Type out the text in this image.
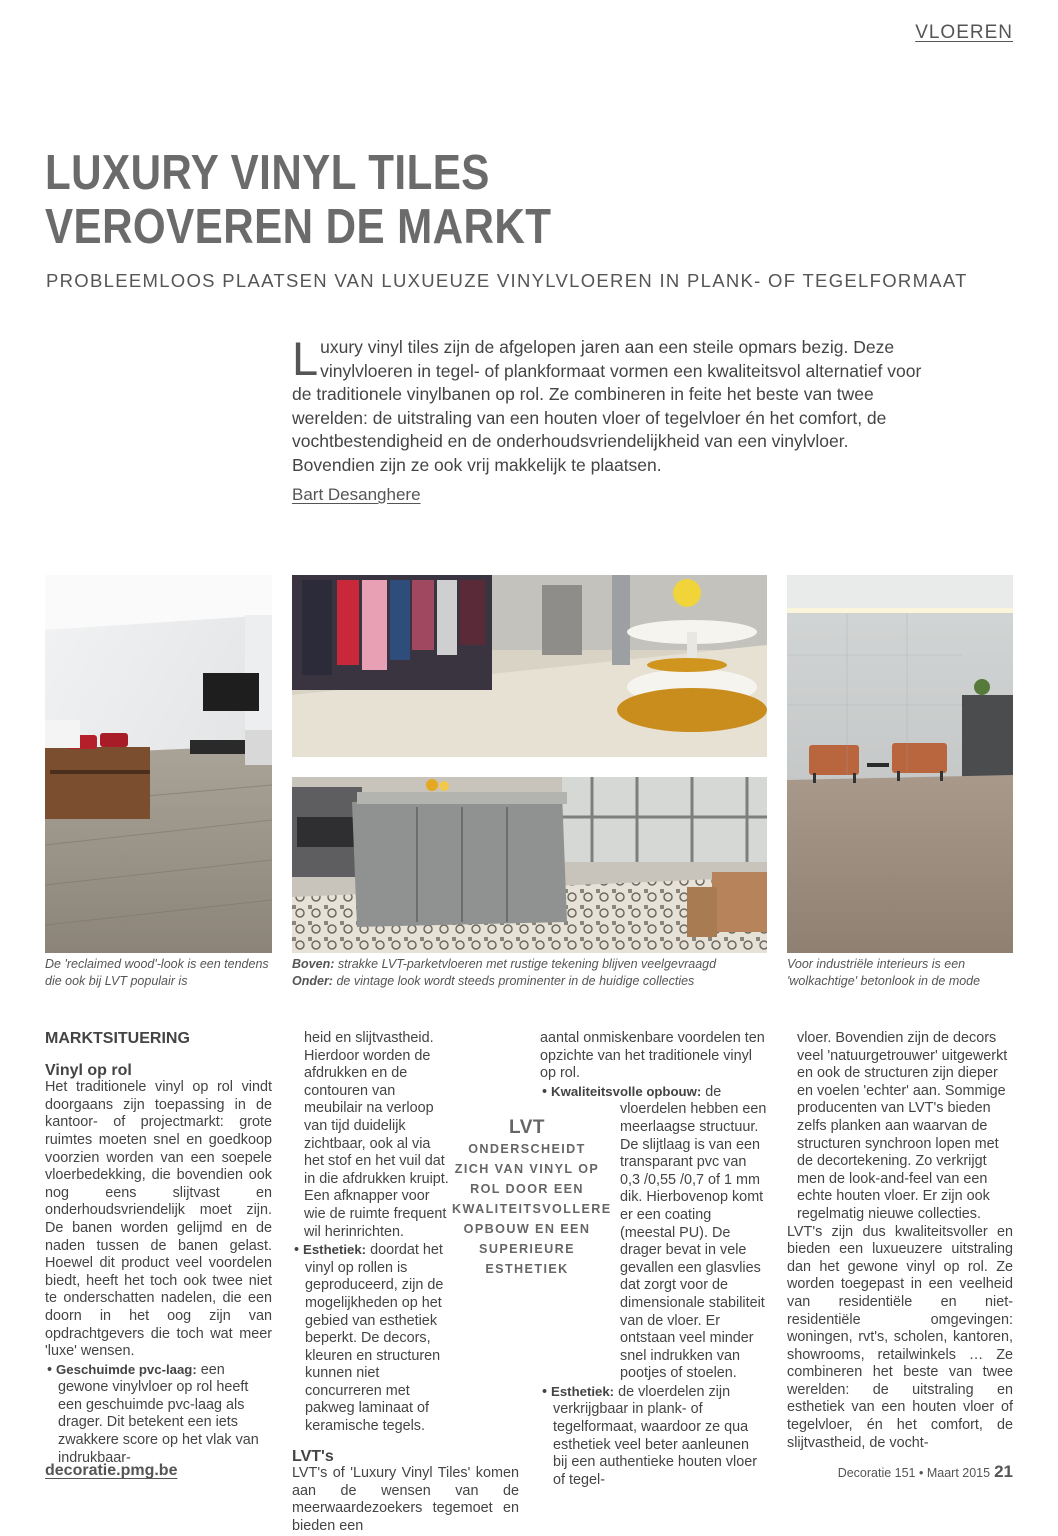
VLOEREN
LUXURY VINYL TILES
VEROVEREN DE MARKT
PROBLEEMLOOS PLAATSEN VAN LUXUEUZE VINYLVLOEREN IN PLANK- OF TEGELFORMAAT

Luxury vinyl tiles zijn de afgelopen jaren aan een steile opmars bezig. Deze vinylvloeren in tegel- of plankformaat vormen een kwaliteitsvol alternatief voor de traditionele vinylbanen op rol. Ze combineren in feite het beste van twee werelden: de uitstraling van een houten vloer of tegelvloer én het comfort, de vochtbestendigheid en de onderhoudsvriendelijkheid van een vinylvloer. Bovendien zijn ze ook vrij makkelijk te plaatsen.

Bart Desanghere
De 'reclaimed wood'-look is een tendens die ook bij LVT populair is
Boven: strakke LVT-parketvloeren met rustige tekening blijven veelgevraagd
Onder: de vintage look wordt steeds prominenter in de huidige collecties
Voor industriële interieurs is een 'wolkachtige' betonlook in de mode
MARKTSITUERING
Vinyl op rol

Het traditionele vinyl op rol vindt doorgaans zijn toepassing in de kantoor- of projectmarkt: grote ruimtes moeten snel en goedkoop voorzien worden van een soepele vloerbedekking, die bovendien ook nog eens slijtvast en onderhoudsvriendelijk moet zijn. De banen worden gelijmd en de naden tussen de banen gelast. Hoewel dit product veel voordelen biedt, heeft het toch ook twee niet te onderschatten nadelen, die een doorn in het oog zijn van opdrachtgevers die toch wat meer 'luxe' wensen.

• Geschuimde pvc-laag: een gewone vinylvloer op rol heeft een geschuimde pvc-laag als drager. Dit betekent een iets zwakkere score op het vlak van indrukbaar-

heid en slijtvastheid. Hierdoor worden de afdrukken en de contouren van meubilair na verloop van tijd duidelijk zichtbaar, ook al via het stof en het vuil dat in die afdrukken kruipt. Een afknapper voor wie de ruimte frequent wil herinrichten.

• Esthetiek: doordat het vinyl op rollen is geproduceerd, zijn de mogelijkheden op het gebied van esthetiek beperkt. De decors, kleuren en structuren kunnen niet concurreren met pakweg laminaat of keramische tegels.

LVT's

LVT's of 'Luxury Vinyl Tiles' komen aan de wensen van de meerwaardezoekers tegemoet en bieden een

LVT ONDERSCHEIDT ZICH VAN VINYL OP ROL DOOR EEN KWALITEITSVOLLERE OPBOUW EN EEN SUPERIEURE ESTHETIEK

aantal onmiskenbare voordelen ten opzichte van het traditionele vinyl op rol.

• Kwaliteitsvolle opbouw: de vloerdelen hebben een meerlaagse structuur. De slijtlaag is van een transparant pvc van 0,3 /0,55 /0,7 of 1 mm dik. Hierbovenop komt er een coating (meestal PU). De drager bevat in vele gevallen een glasvlies dat zorgt voor de dimensionale stabiliteit van de vloer. Er ontstaan veel minder snel indrukken van pootjes of stoelen.

• Esthetiek: de vloerdelen zijn verkrijgbaar in plank- of tegelformaat, waardoor ze qua esthetiek veel beter aanleunen bij een authentieke houten vloer of tegel-

vloer. Bovendien zijn de decors veel 'natuurgetrouwer' uitgewerkt en ook de structuren zijn dieper en voelen 'echter' aan. Sommige producenten van LVT's bieden zelfs planken aan waarvan de structuren synchroon lopen met de decortekening. Zo verkrijgt men de look-and-feel van een echte houten vloer. Er zijn ook regelmatig nieuwe collecties.

LVT's zijn dus kwaliteitsvoller en bieden een luxueuzere uitstraling dan het gewone vinyl op rol. Ze worden toegepast in een veelheid van residentiële en niet-residentiële omgevingen: woningen, rvt's, scholen, kantoren, showrooms, retailwinkels … Ze combineren het beste van twee werelden: de uitstraling en esthetiek van een houten vloer of tegelvloer, én het comfort, de slijtvastheid, de vocht-

decoratie.pmg.be	Decoratie 151 • Maart 2015 21
